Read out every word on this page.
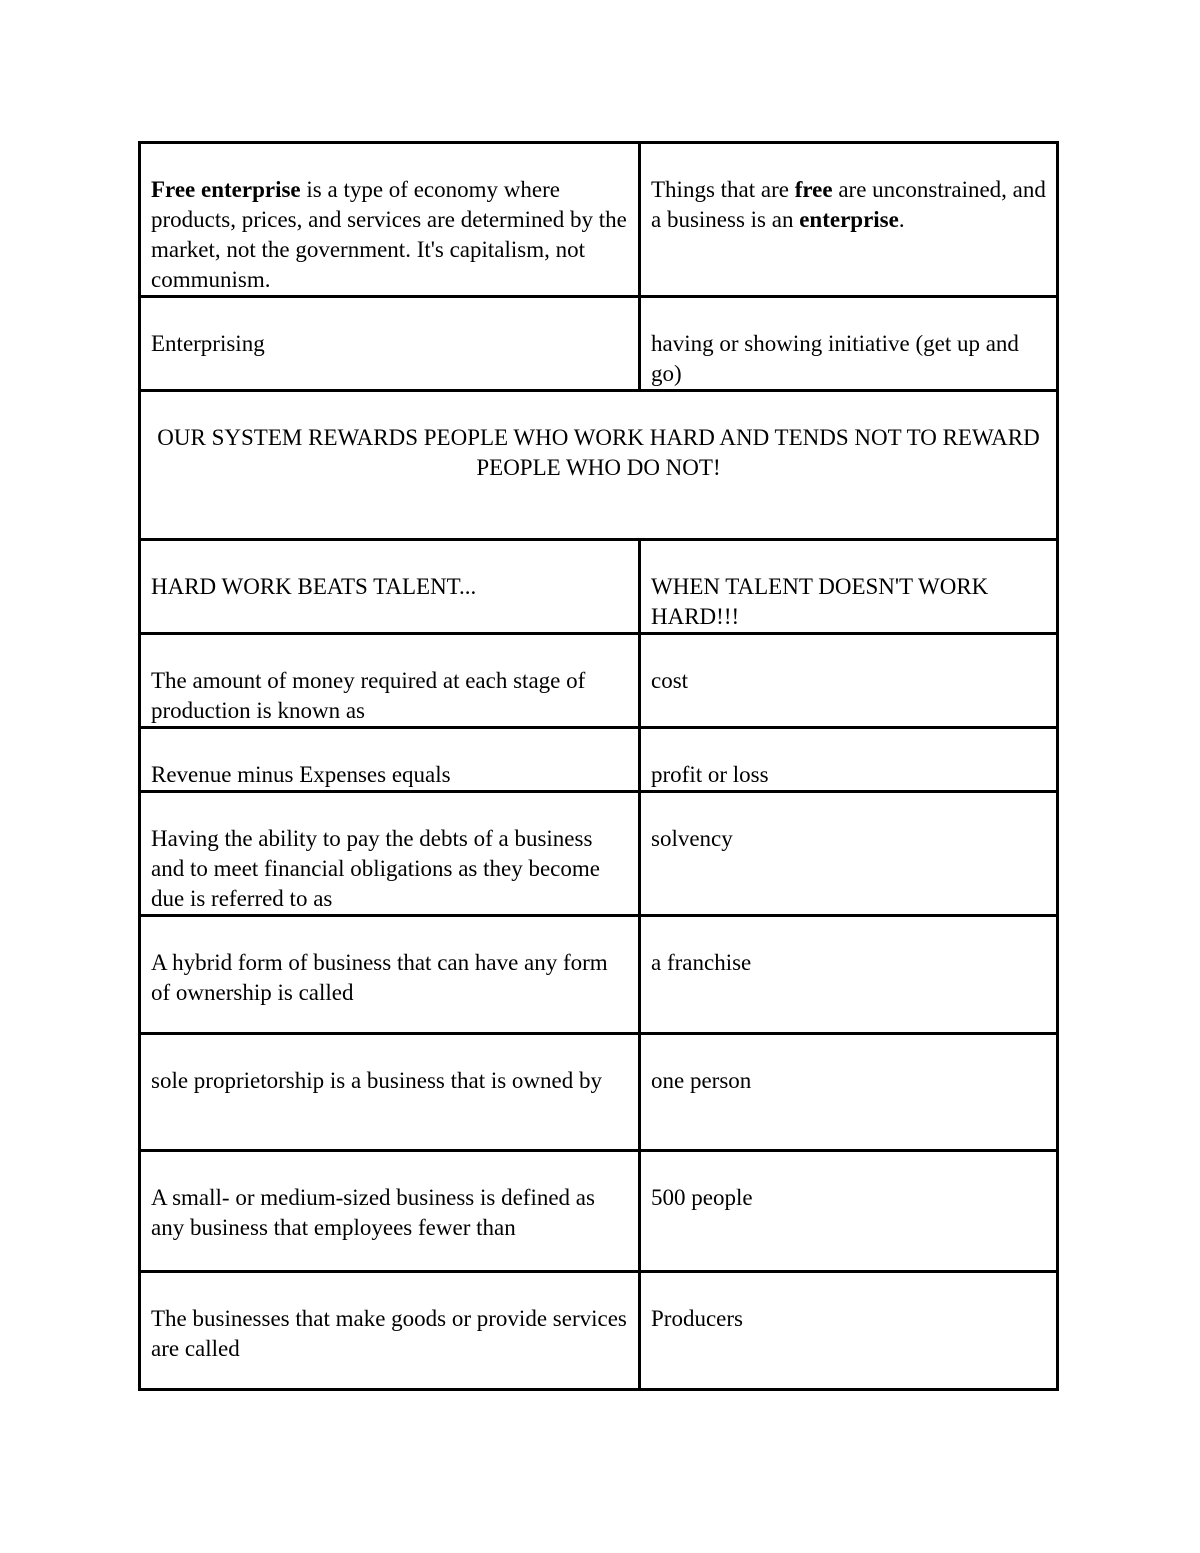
Free enterprise is a type of economy where products, prices, and services are determined by the market, not the government. It's capitalism, not communism.	Things that are free are unconstrained, and a business is an enterprise.
Enterprising	having or showing initiative (get up and go)
OUR SYSTEM REWARDS PEOPLE WHO WORK HARD AND TENDS NOT TO REWARD PEOPLE WHO DO NOT!	
HARD WORK BEATS TALENT...	WHEN TALENT DOESN'T WORK HARD!!!
The amount of money required at each stage of production is known as	cost
Revenue minus Expenses equals	profit or loss
Having the ability to pay the debts of a business and to meet financial obligations as they become due is referred to as	solvency
A hybrid form of business that can have any form of ownership is called	a franchise
sole proprietorship is a business that is owned by	one person
A small- or medium-sized business is defined as any business that employees fewer than	500 people
The businesses that make goods or provide services are called	Producers
